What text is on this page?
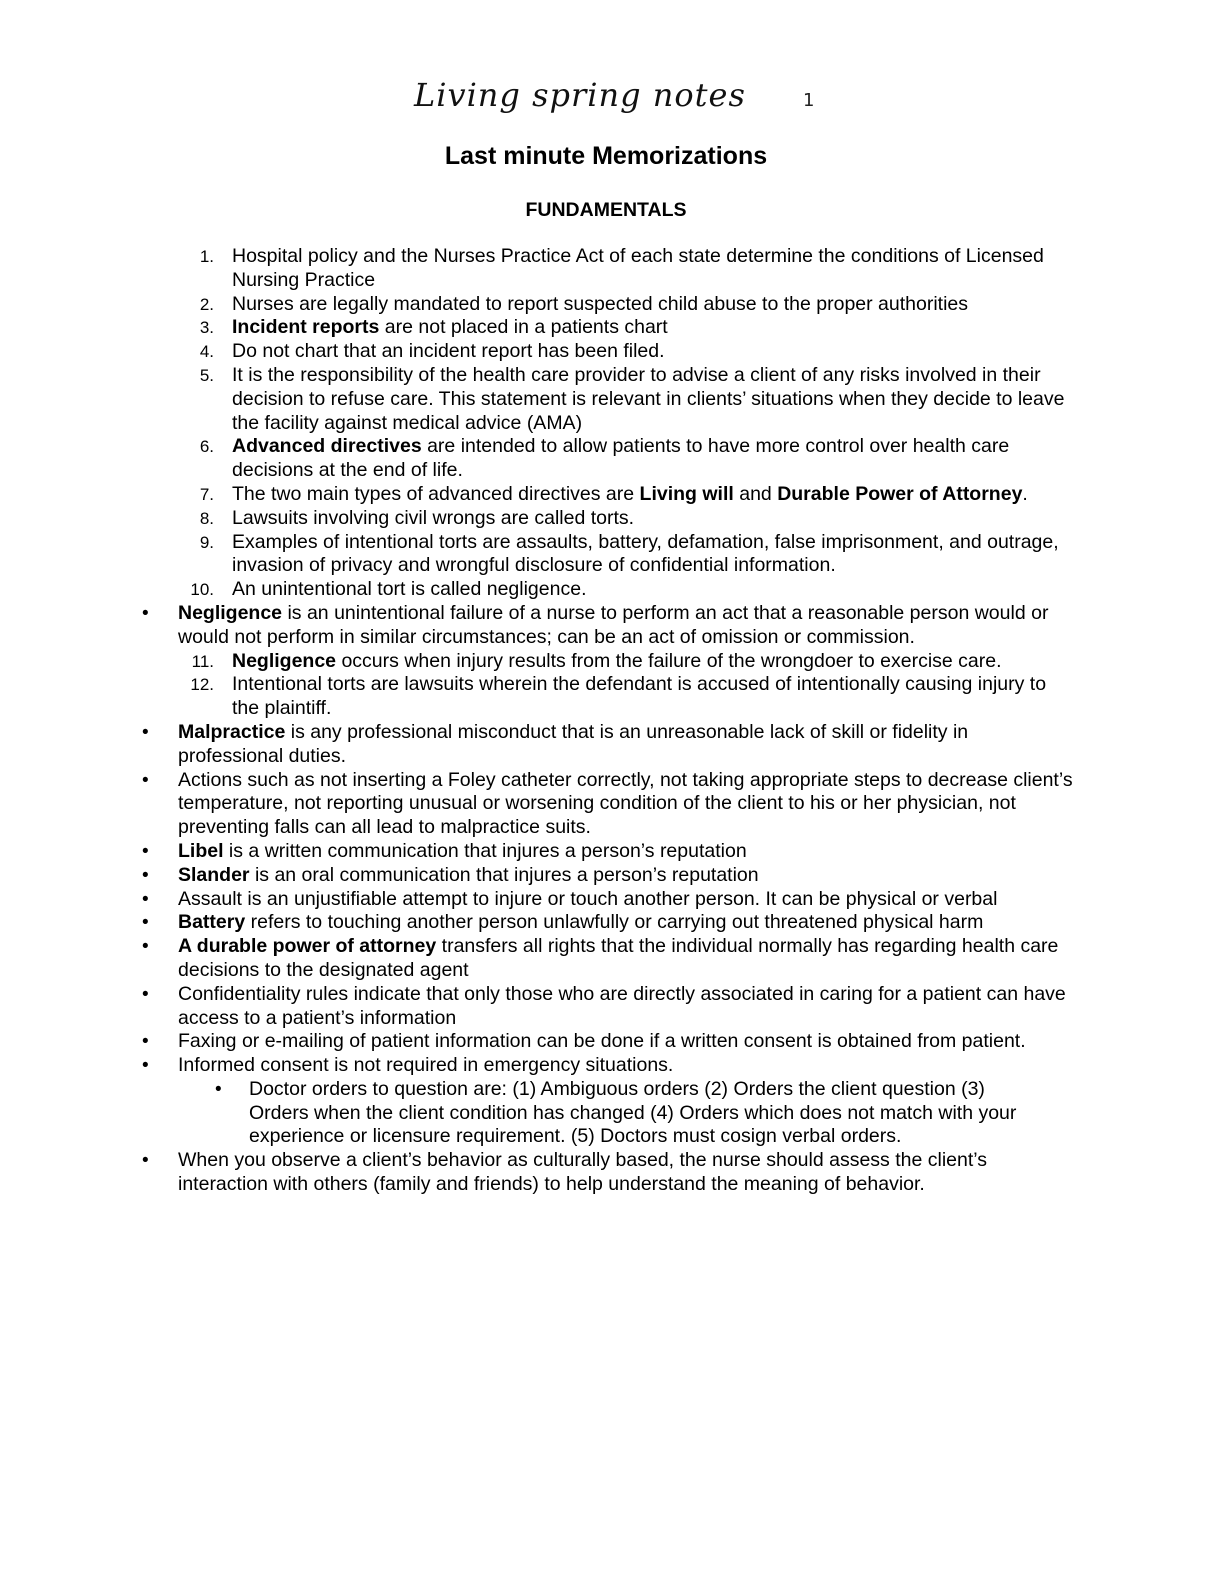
Living spring notes	1
Last minute Memorizations
FUNDAMENTALS
1. Hospital policy and the Nurses Practice Act of each state determine the conditions of Licensed Nursing Practice
2. Nurses are legally mandated to report suspected child abuse to the proper authorities
3. Incident reports are not placed in a patients chart
4. Do not chart that an incident report has been filed.
5. It is the responsibility of the health care provider to advise a client of any risks involved in their decision to refuse care. This statement is relevant in clients’ situations when they decide to leave the facility against medical advice (AMA)
6. Advanced directives are intended to allow patients to have more control over health care decisions at the end of life.
7. The two main types of advanced directives are Living will and Durable Power of Attorney.
8. Lawsuits involving civil wrongs are called torts.
9. Examples of intentional torts are assaults, battery, defamation, false imprisonment, and outrage, invasion of privacy and wrongful disclosure of confidential information.
10. An unintentional tort is called negligence.
• Negligence is an unintentional failure of a nurse to perform an act that a reasonable person would or would not perform in similar circumstances; can be an act of omission or commission.
11. Negligence occurs when injury results from the failure of the wrongdoer to exercise care.
12. Intentional torts are lawsuits wherein the defendant is accused of intentionally causing injury to the plaintiff.
• Malpractice is any professional misconduct that is an unreasonable lack of skill or fidelity in professional duties.
• Actions such as not inserting a Foley catheter correctly, not taking appropriate steps to decrease client’s temperature, not reporting unusual or worsening condition of the client to his or her physician, not preventing falls can all lead to malpractice suits.
• Libel is a written communication that injures a person’s reputation
• Slander is an oral communication that injures a person’s reputation
• Assault is an unjustifiable attempt to injure or touch another person. It can be physical or verbal
• Battery refers to touching another person unlawfully or carrying out threatened physical harm
• A durable power of attorney transfers all rights that the individual normally has regarding health care decisions to the designated agent
• Confidentiality rules indicate that only those who are directly associated in caring for a patient can have access to a patient’s information
• Faxing or e-mailing of patient information can be done if a written consent is obtained from patient.
• Informed consent is not required in emergency situations.
• Doctor orders to question are: (1) Ambiguous orders (2) Orders the client question (3) Orders when the client condition has changed (4) Orders which does not match with your experience or licensure requirement. (5) Doctors must cosign verbal orders.
• When you observe a client’s behavior as culturally based, the nurse should assess the client’s interaction with others (family and friends) to help understand the meaning of behavior.
